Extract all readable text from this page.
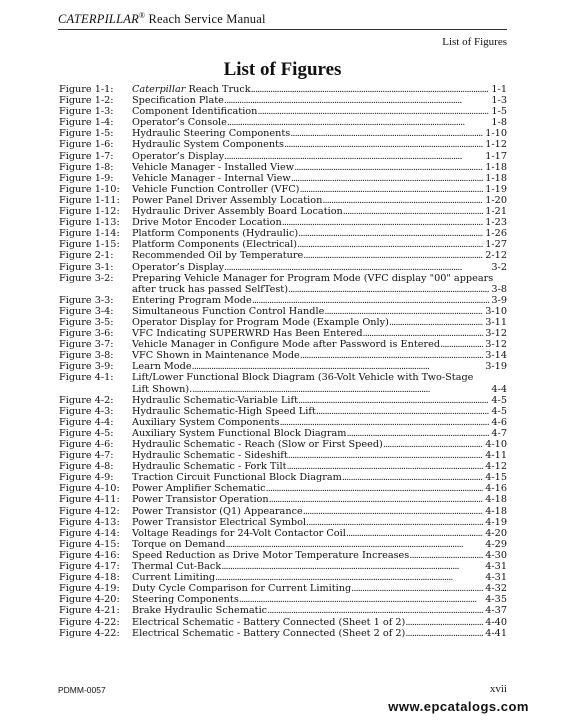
CATERPILLAR® Reach Service Manual
List of Figures
List of Figures
Figure 1-1:	Caterpillar Reach Truck . . .	1-1
Figure 1-2:	Specification Plate . . .	1-3
Figure 1-3:	Component Identification . . .	1-5
Figure 1-4:	Operator’s Console . . .	1-8
Figure 1-5:	Hydraulic Steering Components . . .	1-10
Figure 1-6:	Hydraulic System Components . . .	1-12
Figure 1-7:	Operator’s Display . . .	1-17
Figure 1-8:	Vehicle Manager - Installed View . . .	1-18
Figure 1-9:	Vehicle Manager - Internal View . . .	1-18
Figure 1-10:	Vehicle Function Controller (VFC) . . .	1-19
Figure 1-11:	Power Panel Driver Assembly Location . . .	1-20
Figure 1-12:	Hydraulic Driver Assembly Board Location . . .	1-21
Figure 1-13:	Drive Motor Encoder Location . . .	1-23
Figure 1-14:	Platform Components (Hydraulic) . . .	1-26
Figure 1-15:	Platform Components (Electrical) . . .	1-27
Figure 2-1:	Recommended Oil by Temperature . . .	2-12
Figure 3-1:	Operator’s Display . . .	3-2
Figure 3-2:	Preparing Vehicle Manager for Program Mode (VFC display "00" appears
after truck has passed SelfTest) . . .	3-8
Figure 3-3:	Entering Program Mode . . .	3-9
Figure 3-4:	Simultaneous Function Control Handle . . .	3-10
Figure 3-5:	Operator Display for Program Mode (Example Only) . . .	3-11
Figure 3-6:	VFC Indicating SUPERWRD Has Been Entered . . .	3-12
Figure 3-7:	Vehicle Manager in Configure Mode after Password is Entered . . .	3-12
Figure 3-8:	VFC Shown in Maintenance Mode . . .	3-14
Figure 3-9:	Learn Mode . . .	3-19
Figure 4-1:	Lift/Lower Functional Block Diagram (36-Volt Vehicle with Two-Stage
Lift Shown). . . .	4-4
Figure 4-2:	Hydraulic Schematic-Variable Lift . . .	4-5
Figure 4-3:	Hydraulic Schematic-High Speed Lift . . .	4-5
Figure 4-4:	Auxiliary System Components . . .	4-6
Figure 4-5:	Auxiliary System Functional Block Diagram . . .	4-7
Figure 4-6:	Hydraulic Schematic - Reach (Slow or First Speed) . . .	4-10
Figure 4-7:	Hydraulic Schematic - Sideshift . . .	4-11
Figure 4-8:	Hydraulic Schematic - Fork Tilt . . .	4-12
Figure 4-9:	Traction Circuit Functional Block Diagram . . .	4-15
Figure 4-10:	Power Amplifier Schematic . . .	4-16
Figure 4-11:	Power Transistor Operation . . .	4-18
Figure 4-12:	Power Transistor (Q1) Appearance . . .	4-18
Figure 4-13:	Power Transistor Electrical Symbol . . .	4-19
Figure 4-14:	Voltage Readings for 24-Volt Contactor Coil . . .	4-20
Figure 4-15:	Torque on Demand . . .	4-29
Figure 4-16:	Speed Reduction as Drive Motor Temperature Increases . . .	4-30
Figure 4-17:	Thermal Cut-Back . . .	4-31
Figure 4-18:	Current Limiting . . .	4-31
Figure 4-19:	Duty Cycle Comparison for Current Limiting . . .	4-32
Figure 4-20:	Steering Components . . .	4-35
Figure 4-21:	Brake Hydraulic Schematic . . .	4-37
Figure 4-22:	Electrical Schematic - Battery Connected (Sheet 1 of 2) . . .	4-40
Figure 4-22:	Electrical Schematic - Battery Connected (Sheet 2 of 2) . . .	4-41
PDMM-0057	xvii
www.epcatalogs.com
